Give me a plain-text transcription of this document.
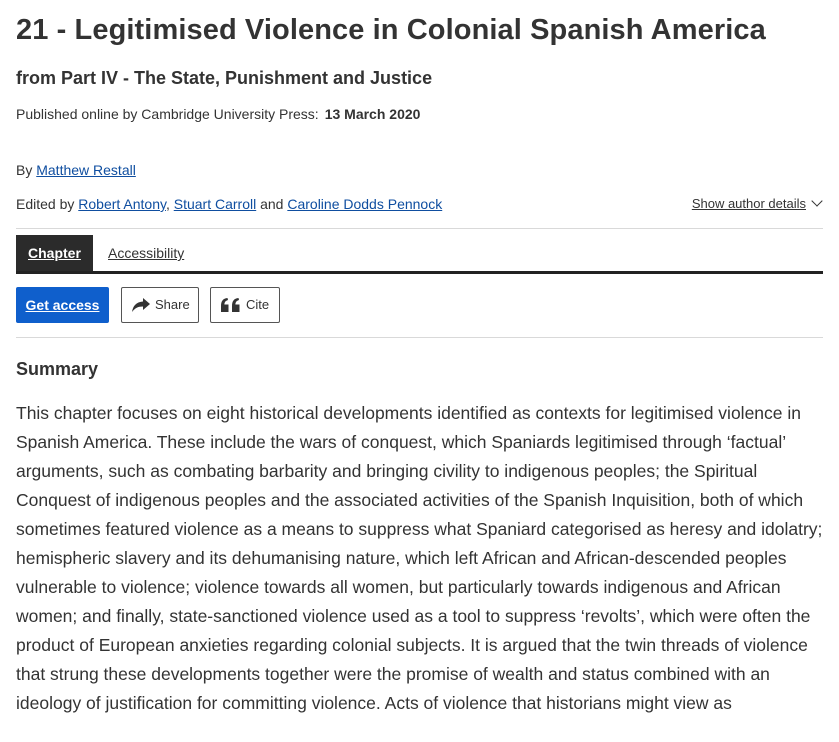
21 - Legitimised Violence in Colonial Spanish America
from Part IV - The State, Punishment and Justice
Published online by Cambridge University Press: 13 March 2020
By Matthew Restall
Edited by Robert Antony, Stuart Carroll and Caroline Dodds Pennock	Show author details
Chapter	Accessibility
Get access	Share	Cite
Summary

This chapter focuses on eight historical developments identified as contexts for legitimised violence in Spanish America. These include the wars of conquest, which Spaniards legitimised through ‘factual’ arguments, such as combating barbarity and bringing civility to indigenous peoples; the Spiritual Conquest of indigenous peoples and the associated activities of the Spanish Inquisition, both of which sometimes featured violence as a means to suppress what Spaniard categorised as heresy and idolatry; hemispheric slavery and its dehumanising nature, which left African and African-descended peoples vulnerable to violence; violence towards all women, but particularly towards indigenous and African women; and finally, state-sanctioned violence used as a tool to suppress ‘revolts’, which were often the product of European anxieties regarding colonial subjects. It is argued that the twin threads of violence that strung these developments together were the promise of wealth and status combined with an ideology of justification for committing violence. Acts of violence that historians might view as
